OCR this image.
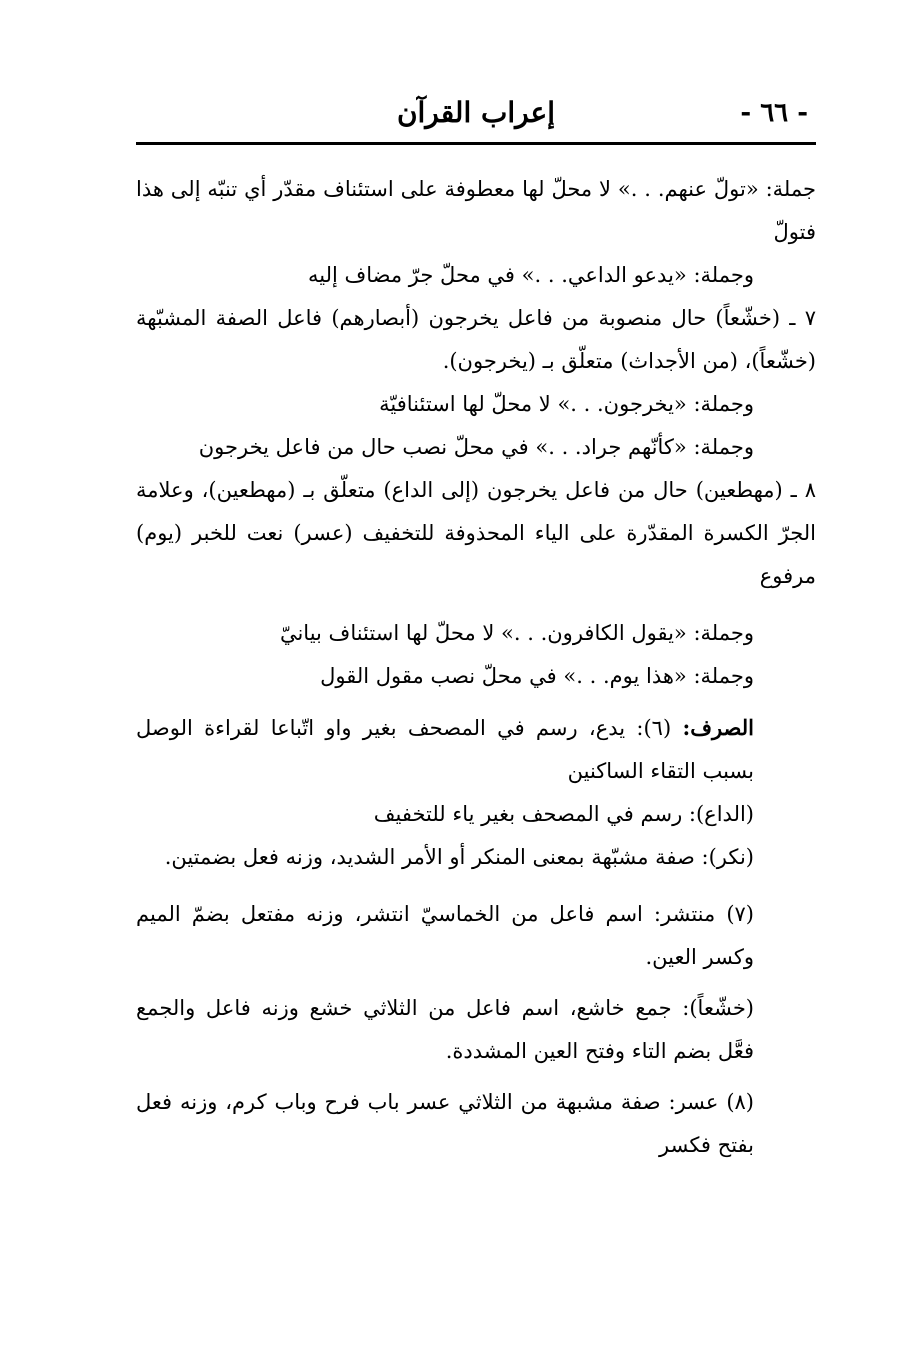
- ٦٦ -
إعراب القرآن

جملة: «تولّ عنهم. . .» لا محلّ لها معطوفة على استئناف مقدّر أي تنبّه إلى هذا فتولّ

وجملة: «يدعو الداعي. . .» في محلّ جرّ مضاف إليه

٧ ـ (خشّعاً) حال منصوبة من فاعل يخرجون (أبصارهم) فاعل الصفة المشبّهة (خشّعاً)، (من الأجداث) متعلّق بـ (يخرجون).

وجملة: «يخرجون. . .» لا محلّ لها استئنافيّة

وجملة: «كأنّهم جراد. . .» في محلّ نصب حال من فاعل يخرجون

٨ ـ (مهطعين) حال من فاعل يخرجون (إلى الداع) متعلّق بـ (مهطعين)، وعلامة الجرّ الكسرة المقدّرة على الياء المحذوفة للتخفيف (عسر) نعت للخبر (يوم) مرفوع

وجملة: «يقول الكافرون. . .» لا محلّ لها استئناف بيانيّ

وجملة: «هذا يوم. . .» في محلّ نصب مقول القول

الصرف: (٦): يدع، رسم في المصحف بغير واو اتّباعا لقراءة الوصل بسبب التقاء الساكنين

(الداع): رسم في المصحف بغير ياء للتخفيف

(نكر): صفة مشبّهة بمعنى المنكر أو الأمر الشديد، وزنه فعل بضمتين.

(٧) منتشر: اسم فاعل من الخماسيّ انتشر، وزنه مفتعل بضمّ الميم وكسر العين.

(خشّعاً): جمع خاشع، اسم فاعل من الثلاثي خشع وزنه فاعل والجمع فعَّل بضم التاء وفتح العين المشددة.

(٨) عسر: صفة مشبهة من الثلاثي عسر باب فرح وباب كرم، وزنه فعل بفتح فكسر
